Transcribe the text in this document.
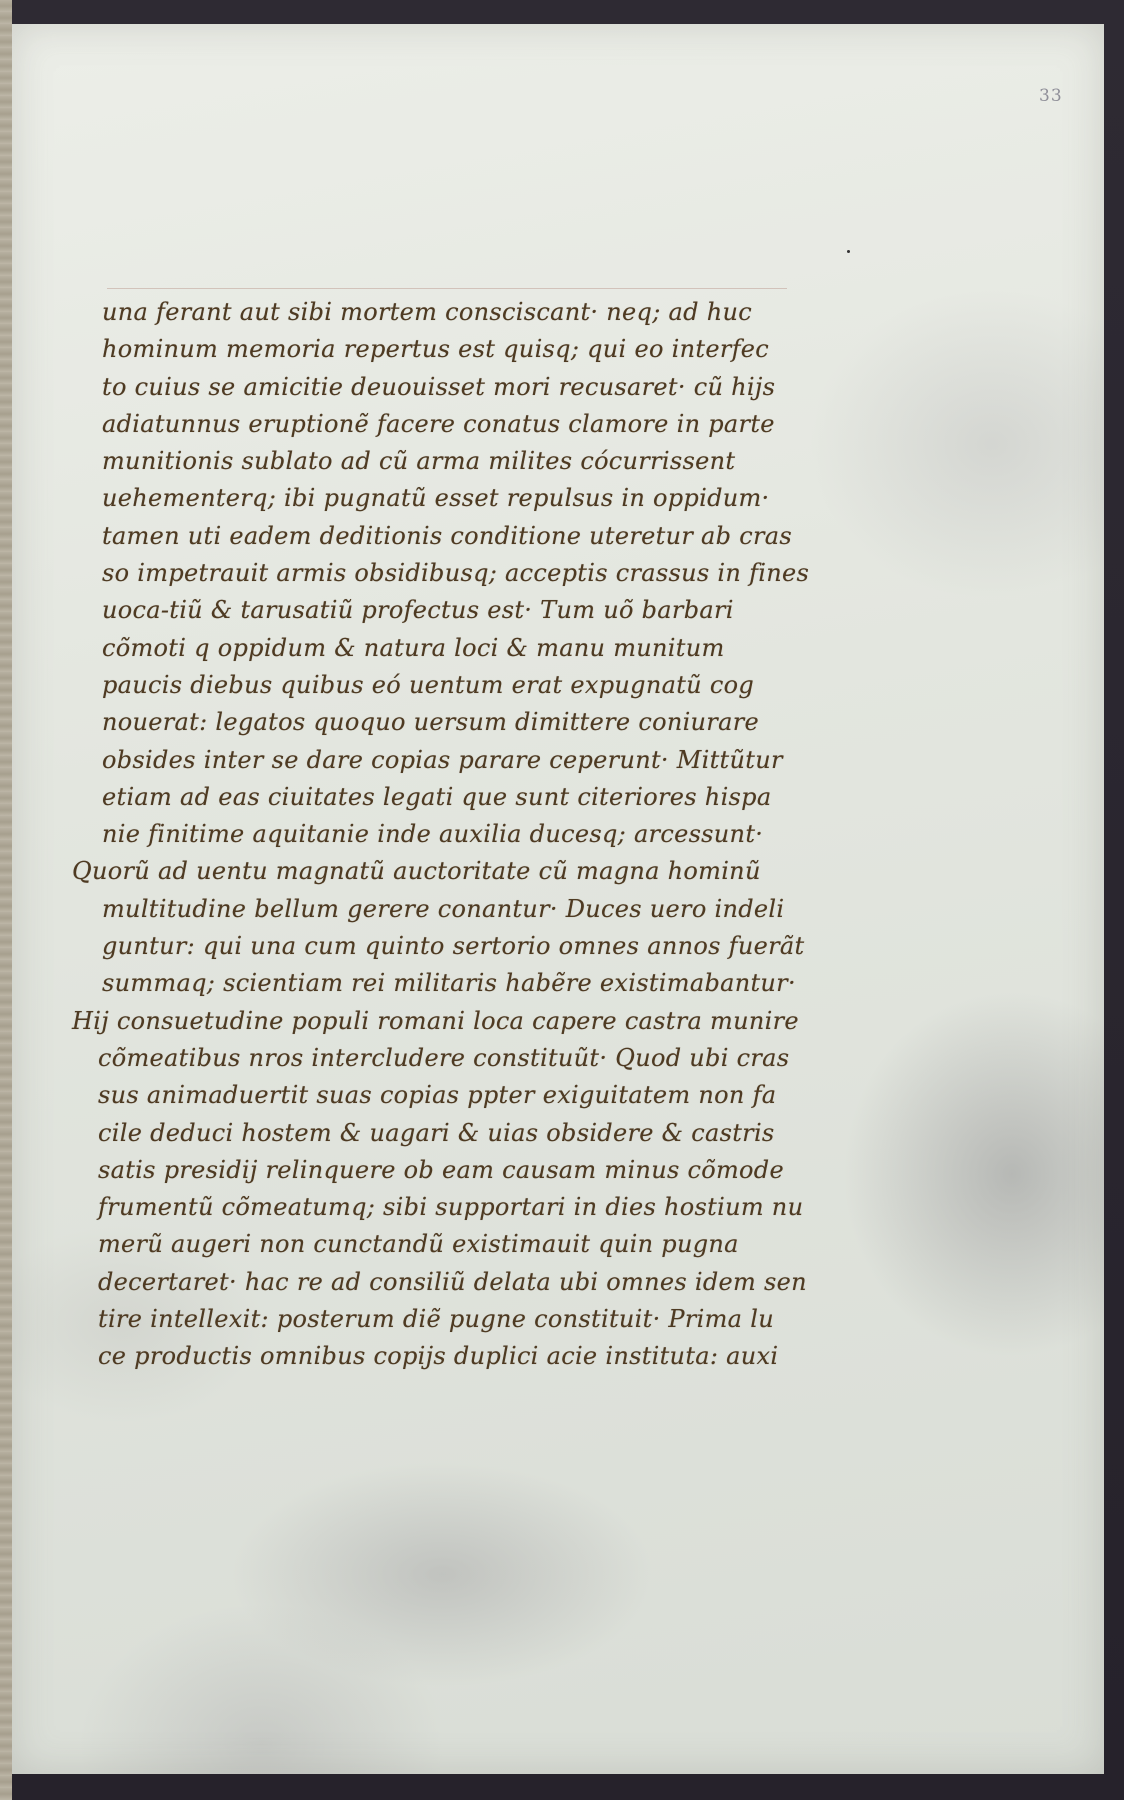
33
una ferant aut sibi mortem consciscant· neq; ad huc
hominum memoria repertus est quisq; qui eo interfec
to cuius se amicitie deuouisset mori recusaret· cũ hijs
adiatunnus eruptionẽ facere conatus clamore in parte
munitionis sublato ad cũ arma milites cócurrissent
uehementerq; ibi pugnatũ esset repulsus in oppidum·
tamen uti eadem deditionis conditione uteretur ab cras
so impetrauit armis obsidibusq; acceptis crassus in fines
uoca-tiũ & tarusatiũ profectus est· Tum uõ barbari
cõmoti q oppidum & natura loci & manu munitum
paucis diebus quibus eó uentum erat expugnatũ cog
nouerat: legatos quoquo uersum dimittere coniurare
obsides inter se dare copias parare ceperunt· Mittũtur
etiam ad eas ciuitates legati que sunt citeriores hispa
nie finitime aquitanie inde auxilia ducesq; arcessunt·
Quorũ ad uentu magnatũ auctoritate cũ magna hominũ
multitudine bellum gerere conantur· Duces uero indeli
guntur: qui una cum quinto sertorio omnes annos fuerãt
summaq; scientiam rei militaris habẽre existimabantur·
Hij consuetudine populi romani loca capere castra munire
cõmeatibus nros intercludere constituũt· Quod ubi cras
sus animaduertit suas copias ppter exiguitatem non fa
cile deduci hostem & uagari & uias obsidere & castris
satis presidij relinquere ob eam causam minus cõmode
frumentũ cõmeatumq; sibi supportari in dies hostium nu
merũ augeri non cunctandũ existimauit quin pugna
decertaret· hac re ad consiliũ delata ubi omnes idem sen
tire intellexit: posterum diẽ pugne constituit· Prima lu
ce productis omnibus copijs duplici acie instituta: auxi
